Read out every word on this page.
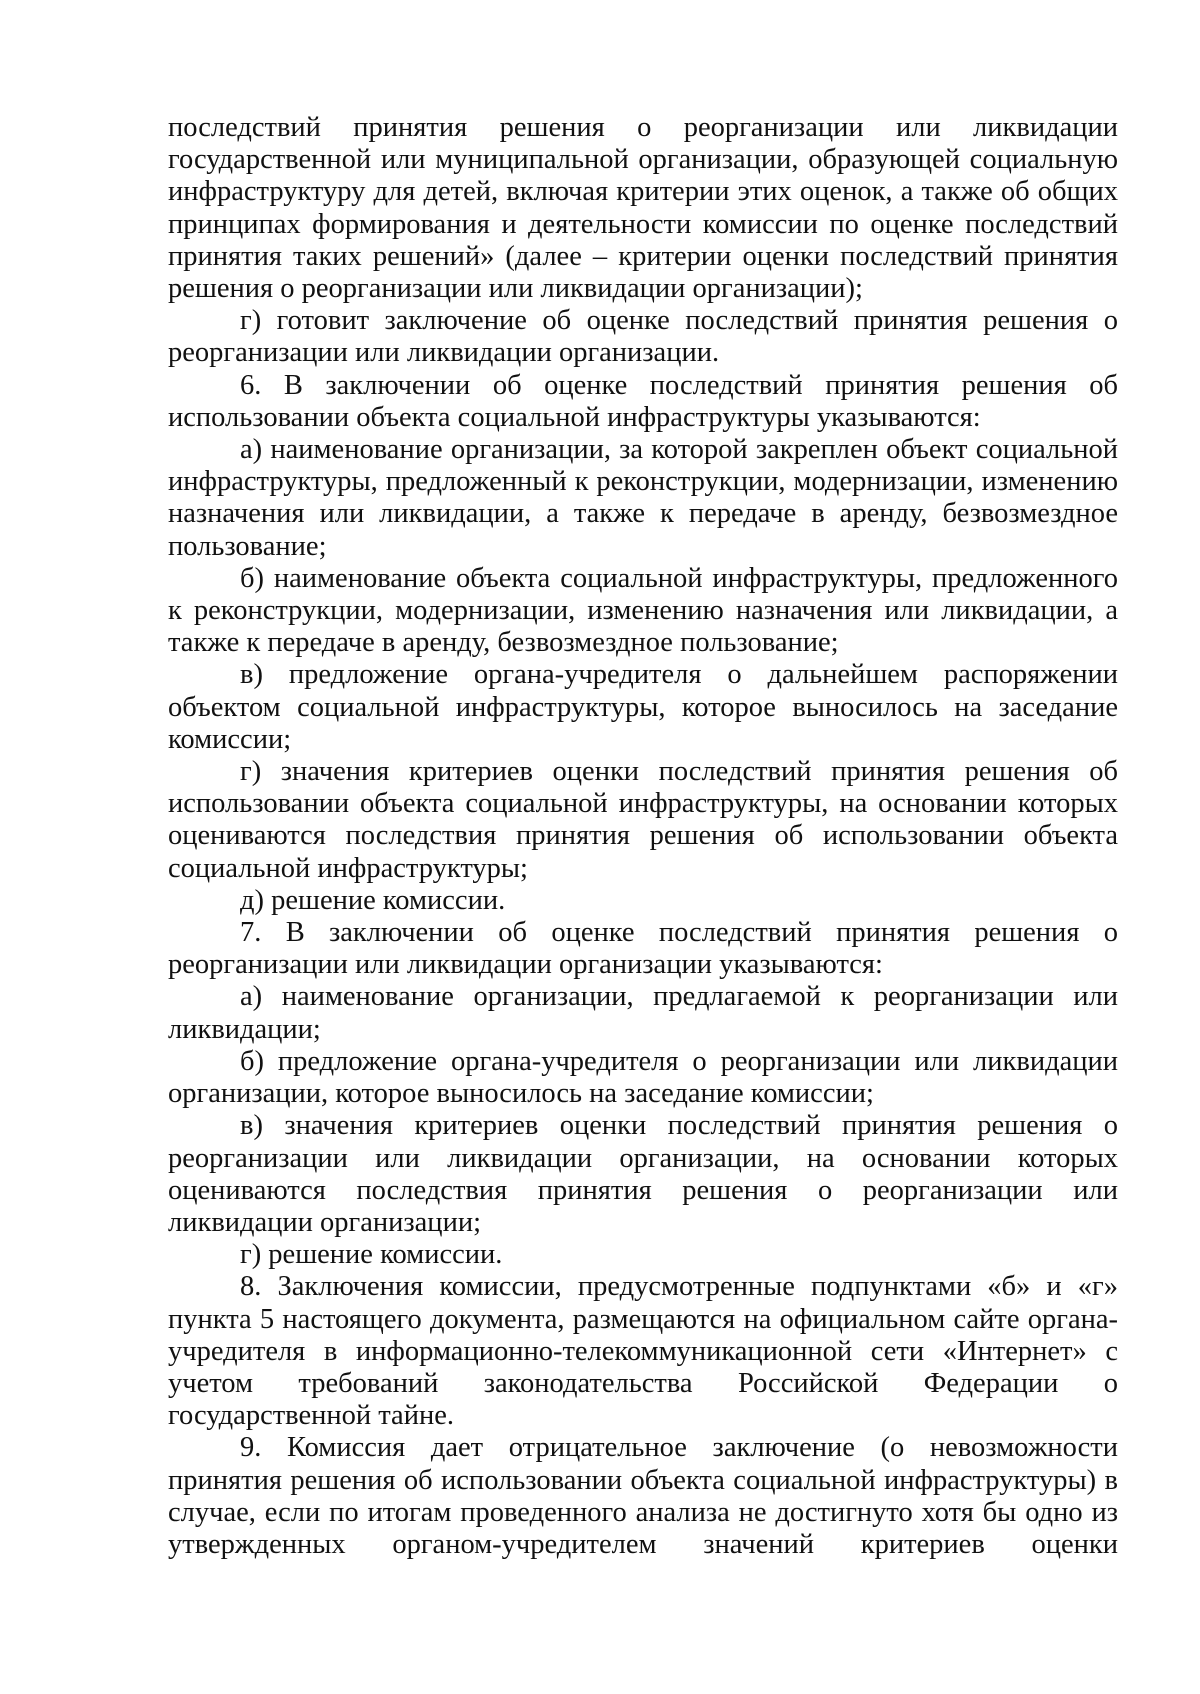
последствий принятия решения о реорганизации или ликвидации государственной или муниципальной организации, образующей социальную инфраструктуру для детей, включая критерии этих оценок, а также об общих принципах формирования и деятельности комиссии по оценке последствий принятия таких решений» (далее – критерии оценки последствий принятия решения о реорганизации или ликвидации организации);

г) готовит заключение об оценке последствий принятия решения о реорганизации или ликвидации организации.

6. В заключении об оценке последствий принятия решения об использовании объекта социальной инфраструктуры указываются:

а) наименование организации, за которой закреплен объект социальной инфраструктуры, предложенный к реконструкции, модернизации, изменению назначения или ликвидации, а также к передаче в аренду, безвозмездное пользование;

б) наименование объекта социальной инфраструктуры, предложенного к реконструкции, модернизации, изменению назначения или ликвидации, а также к передаче в аренду, безвозмездное пользование;

в) предложение органа-учредителя о дальнейшем распоряжении объектом социальной инфраструктуры, которое выносилось на заседание комиссии;

г) значения критериев оценки последствий принятия решения об использовании объекта социальной инфраструктуры, на основании которых оцениваются последствия принятия решения об использовании объекта социальной инфраструктуры;

д) решение комиссии.

7. В заключении об оценке последствий принятия решения о реорганизации или ликвидации организации указываются:

а) наименование организации, предлагаемой к реорганизации или ликвидации;

б) предложение органа-учредителя о реорганизации или ликвидации организации, которое выносилось на заседание комиссии;

в) значения критериев оценки последствий принятия решения о реорганизации или ликвидации организации, на основании которых оцениваются последствия принятия решения о реорганизации или ликвидации организации;

г) решение комиссии.

8. Заключения комиссии, предусмотренные подпунктами «б» и «г» пункта 5 настоящего документа, размещаются на официальном сайте органа-учредителя в информационно-телекоммуникационной сети «Интернет» с учетом требований законодательства Российской Федерации о государственной тайне.

9. Комиссия дает отрицательное заключение (о невозможности принятия решения об использовании объекта социальной инфраструктуры) в случае, если по итогам проведенного анализа не достигнуто хотя бы одно из утвержденных органом-учредителем значений критериев оценки
